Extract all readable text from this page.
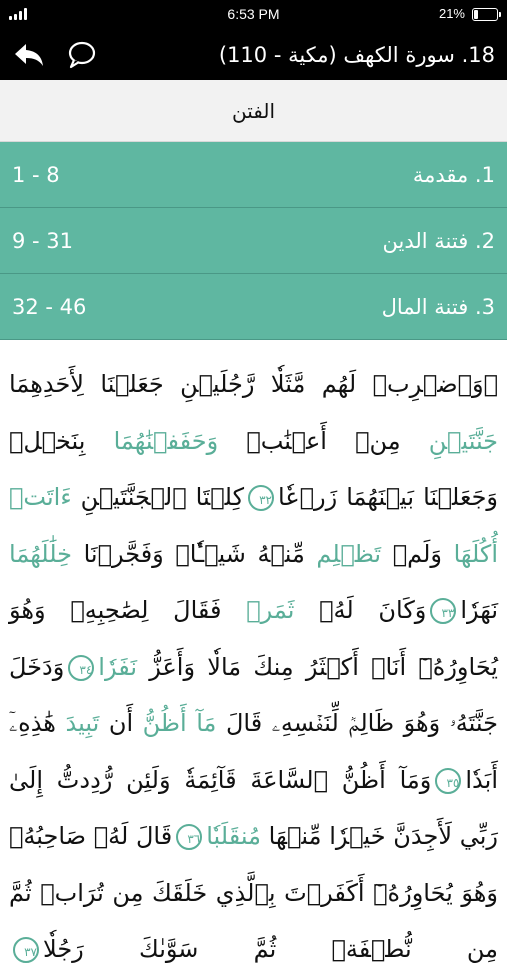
6:53 PM	21%
18. سورة الكهف (مكية - 110)
الفتن
1. مقدمة
1 - 8
2. فتنة الدين
9 - 31
3. فتنة المال
32 - 46
۞وَٱضۡرِبۡ لَهُم مَّثَلٗا رَّجُلَيۡنِ جَعَلۡنَا لِأَحَدِهِمَا جَنَّتَيۡنِ مِنۡ أَعۡنَٰبٖ وَحَفَفۡنَٰهُمَا بِنَخۡلٖ وَجَعَلۡنَا بَيۡنَهُمَا زَرۡعٗا٣٢كِلۡتَا ٱلۡجَنَّتَيۡنِ ءَاتَتۡ أُكُلَهَا وَلَمۡ تَظۡلِم مِّنۡهُ شَيۡـٔٗاۚ وَفَجَّرۡنَا خِلَٰلَهُمَا نَهَرٗا٣٣وَكَانَ لَهُۥ ثَمَرٞ فَقَالَ لِصَٰحِبِهِۦ وَهُوَ يُحَاوِرُهُۥٓ أَنَا۠ أَكۡثَرُ مِنكَ مَالٗا وَأَعَزُّ نَفَرٗا٣٤وَدَخَلَ جَنَّتَهُۥ وَهُوَ ظَالِمٞ لِّنَفۡسِهِۦ قَالَ مَآ أَظُنُّ أَن تَبِيدَ هَٰذِهِۦٓ أَبَدٗا٣٥وَمَآ أَظُنُّ ٱلسَّاعَةَ قَآئِمَةٗ وَلَئِن رُّدِدتُّ إِلَىٰ رَبِّي لَأَجِدَنَّ خَيۡرٗا مِّنۡهَا مُنقَلَبٗا٣٦قَالَ لَهُۥ صَاحِبُهُۥ وَهُوَ يُحَاوِرُهُۥٓ أَكَفَرۡتَ بِٱلَّذِي خَلَقَكَ مِن تُرَابٖ ثُمَّ مِن نُّطۡفَةٖ ثُمَّ سَوَّىٰكَ رَجُلٗا٣٧
